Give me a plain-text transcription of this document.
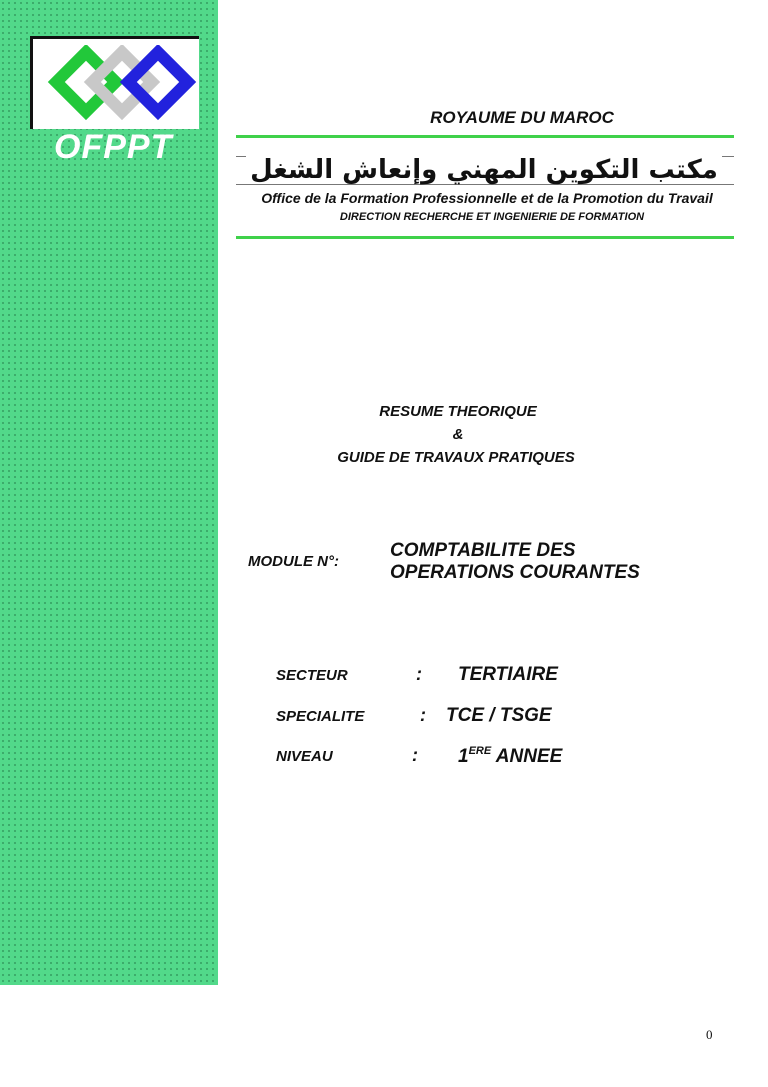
OFPPT
ROYAUME DU MAROC
مكتب التكوين المهني وإنعاش الشغل
Office de la Formation Professionnelle et de la Promotion du Travail
DIRECTION RECHERCHE ET INGENIERIE DE FORMATION
RESUME THEORIQUE
&
GUIDE DE TRAVAUX PRATIQUES
MODULE N°:
COMPTABILITE DES
OPERATIONS COURANTES
SECTEUR	: TERTIAIRE
SPECIALITE	: TCE / TSGE
NIVEAU	: 1ERE ANNEE
0
